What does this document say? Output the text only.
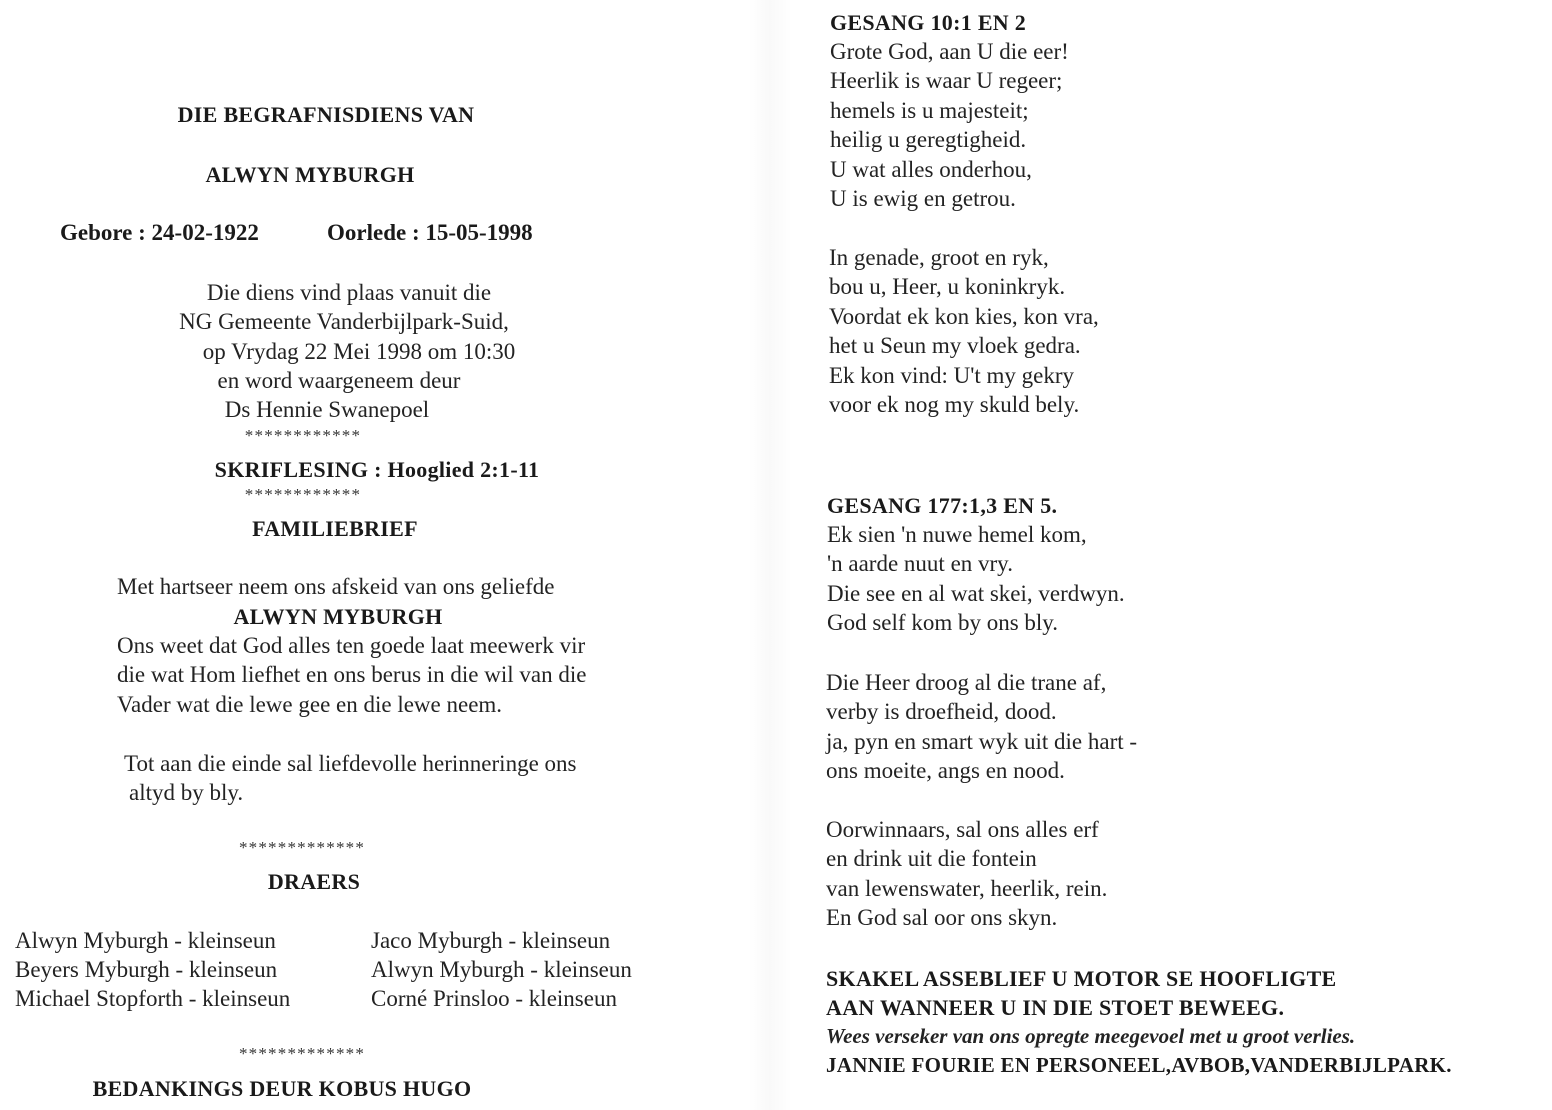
DIE BEGRAFNISDIENS VAN

ALWYN MYBURGH

Gebore : 24-02-1922	Oorlede : 15-05-1998

Die diens vind plaas vanuit die

NG Gemeente Vanderbijlpark-Suid,

op Vrydag 22 Mei 1998 om 10:30

en word waargeneem deur

Ds Hennie Swanepoel

************

SKRIFLESING : Hooglied 2:1-11

************

FAMILIEBRIEF

Met hartseer neem ons afskeid van ons geliefde

ALWYN MYBURGH

Ons weet dat God alles ten goede laat meewerk vir

die wat Hom liefhet en ons berus in die wil van die

Vader wat die lewe gee en die lewe neem.

Tot aan die einde sal liefdevolle herinneringe ons

altyd by bly.

*************

DRAERS

Alwyn Myburgh - kleinseun

Beyers Myburgh - kleinseun

Michael Stopforth - kleinseun

Jaco Myburgh - kleinseun

Alwyn Myburgh - kleinseun

Corné Prinsloo - kleinseun

*************

BEDANKINGS DEUR KOBUS HUGO

GESANG 10:1 EN 2

Grote God, aan U die eer!

Heerlik is waar U regeer;

hemels is u majesteit;

heilig u geregtigheid.

U wat alles onderhou,

U is ewig en getrou.

In genade, groot en ryk,

bou u, Heer, u koninkryk.

Voordat ek kon kies, kon vra,

het u Seun my vloek gedra.

Ek kon vind: U't my gekry

voor ek nog my skuld bely.

GESANG 177:1,3 EN 5.

Ek sien 'n nuwe hemel kom,

'n aarde nuut en vry.

Die see en al wat skei, verdwyn.

God self kom by ons bly.

Die Heer droog al die trane af,

verby is droefheid, dood.

ja, pyn en smart wyk uit die hart -

ons moeite, angs en nood.

Oorwinnaars, sal ons alles erf

en drink uit die fontein

van lewenswater, heerlik, rein.

En God sal oor ons skyn.

SKAKEL ASSEBLIEF U MOTOR SE HOOFLIGTE

AAN WANNEER U IN DIE STOET BEWEEG.

Wees verseker van ons opregte meegevoel met u groot verlies.

JANNIE FOURIE EN PERSONEEL,AVBOB,VANDERBIJLPARK.
